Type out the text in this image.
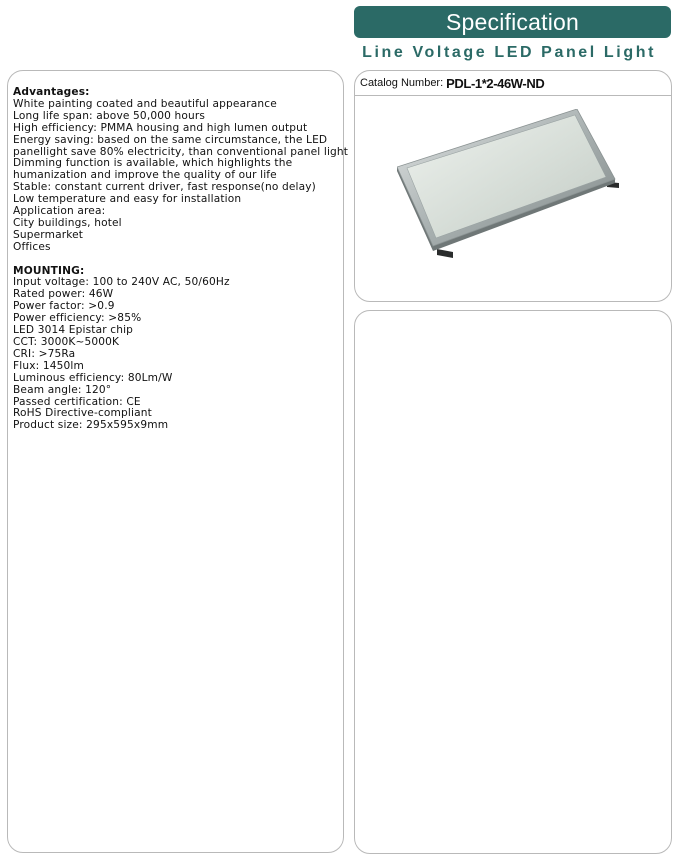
Specification
Line Voltage LED Panel Light
Advantages:
White painting coated and beautiful appearance
Long life span: above 50,000 hours
High efficiency: PMMA housing and high lumen output
Energy saving: based on the same circumstance, the LED
panellight save 80% electricity, than conventional panel light
Dimming function is available, which highlights the
humanization and improve the quality of our life
Stable: constant current driver, fast response(no delay)
Low temperature and easy for installation
Application area:
City buildings, hotel
Supermarket
Offices
MOUNTING:
Input voltage: 100 to 240V AC, 50/60Hz
Rated power: 46W
Power factor: >0.9
Power efficiency: >85%
LED 3014 Epistar chip
CCT: 3000K~5000K
CRI: >75Ra
Flux: 1450lm
Luminous efficiency: 80Lm/W
Beam angle: 120°
Passed certification: CE
RoHS Directive-compliant
Product size: 295x595x9mm
Catalog Number: PDL-1*2-46W-ND
